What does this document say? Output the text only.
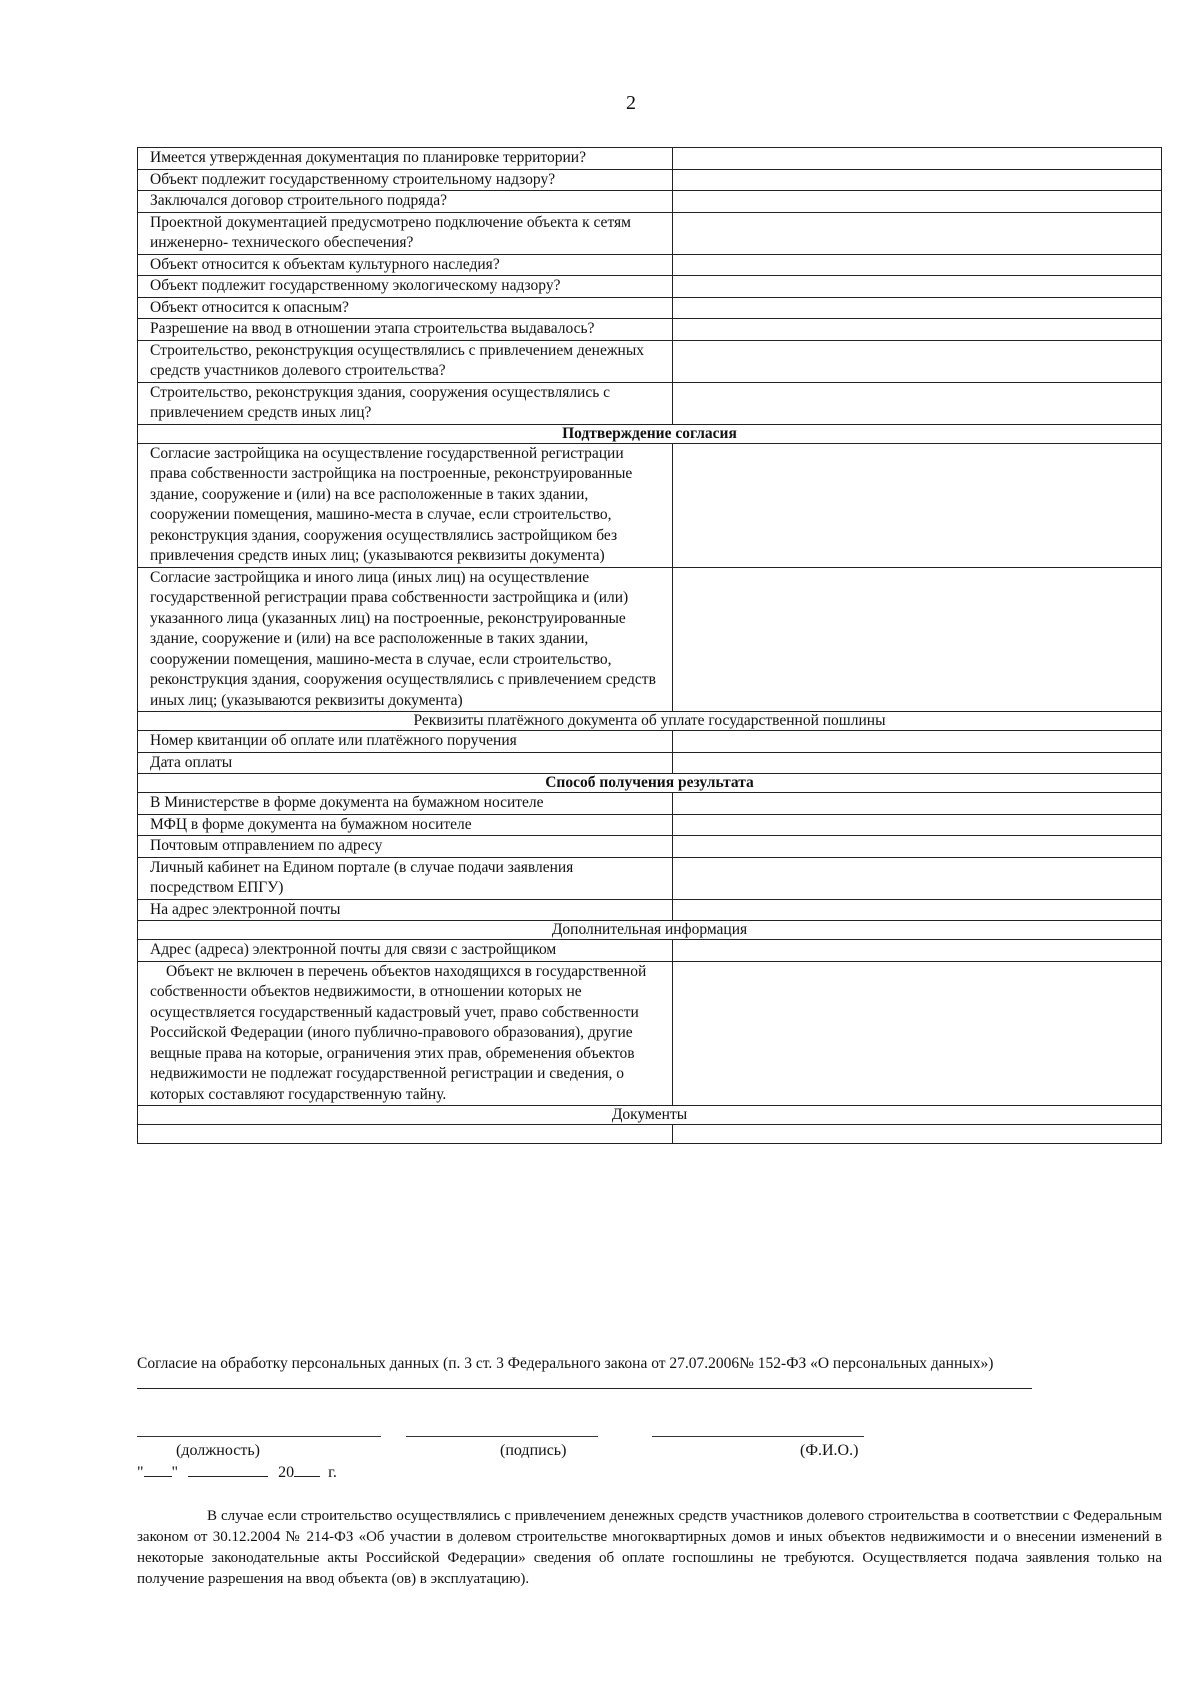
2
Имеется утвержденная документация по планировке территории?	
Объект подлежит государственному строительному надзору?	
Заключался договор строительного подряда?	
Проектной документацией предусмотрено подключение объекта к сетям инженерно- технического обеспечения?	
Объект относится к объектам культурного наследия?	
Объект подлежит государственному экологическому надзору?	
Объект относится к опасным?	
Разрешение на ввод в отношении этапа строительства выдавалось?	
Строительство, реконструкция осуществлялись с привлечением денежных средств участников долевого строительства?	
Строительство, реконструкция здания, сооружения осуществлялись с привлечением средств иных лиц?	
Подтверждение согласия	
Согласие застройщика на осуществление государственной регистрации права собственности застройщика на построенные, реконструированные здание, сооружение и (или) на все расположенные в таких здании, сооружении помещения, машино-места в случае, если строительство, реконструкция здания, сооружения осуществлялись застройщиком без привлечения средств иных лиц; (указываются реквизиты документа)	
Согласие застройщика и иного лица (иных лиц) на осуществление государственной регистрации права собственности застройщика и (или) указанного лица (указанных лиц) на построенные, реконструированные здание, сооружение и (или) на все расположенные в таких здании, сооружении помещения, машино-места в случае, если строительство, реконструкция здания, сооружения осуществлялись с привлечением средств иных лиц; (указываются реквизиты документа)	
Реквизиты платёжного документа об уплате государственной пошлины	
Номер квитанции об оплате или платёжного поручения	
Дата оплаты	
Способ получения результата	
В Министерстве в форме документа на бумажном носителе	
МФЦ в форме документа на бумажном носителе	
Почтовым отправлением по адресу	
Личный кабинет на Едином портале (в случае подачи заявления посредством ЕПГУ)	
На адрес электронной почты	
Дополнительная информация	
Адрес (адреса) электронной почты для связи с застройщиком	
Объект не включен в перечень объектов находящихся в государственной собственности объектов недвижимости, в отношении которых не осуществляется государственный кадастровый учет, право собственности Российской Федерации (иного публично-правового образования), другие вещные права на которые, ограничения этих прав, обременения объектов недвижимости не подлежат государственной регистрации и сведения, о которых составляют государственную тайну.	
Документы	

Согласие на обработку персональных данных (п. 3 ст. 3 Федерального закона от 27.07.2006№ 152-ФЗ «О персональных данных»)
(должность)	(подпись)	(Ф.И.О.)
" "	20 г.
В случае если строительство осуществлялись с привлечением денежных средств участников долевого строительства в соответствии с Федеральным законом от 30.12.2004 № 214-ФЗ «Об участии в долевом строительстве многоквартирных домов и иных объектов недвижимости и о внесении изменений в некоторые законодательные акты Российской Федерации» сведения об оплате госпошлины не требуются. Осуществляется подача заявления только на получение разрешения на ввод объекта (ов) в эксплуатацию).
